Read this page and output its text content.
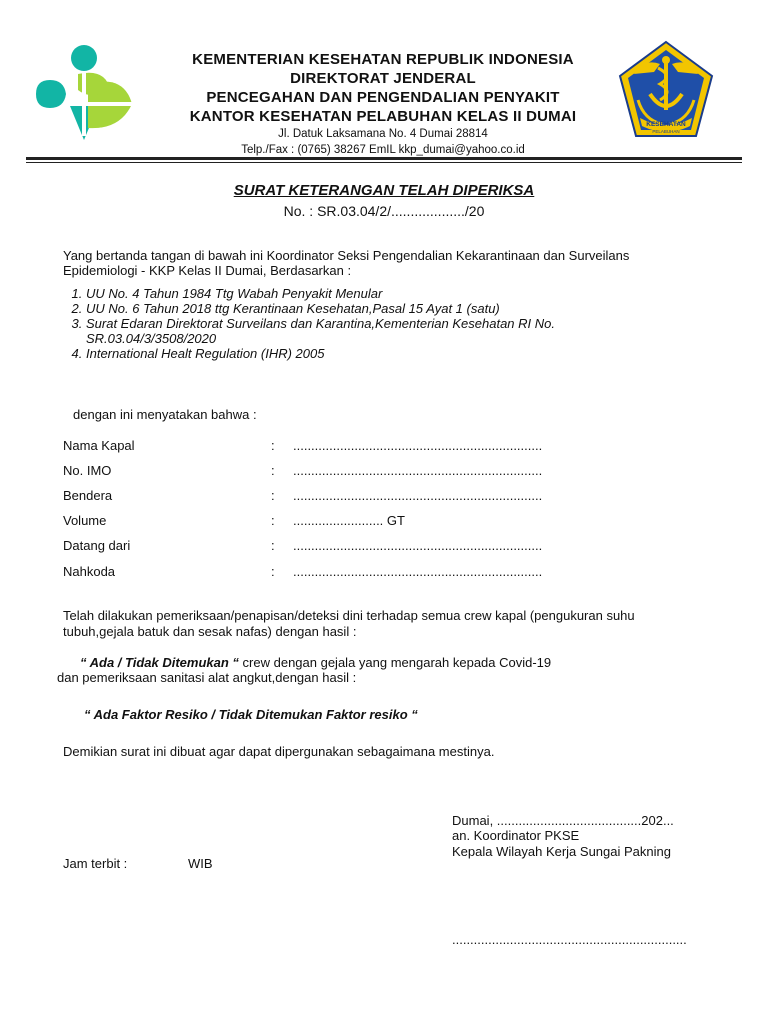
KEMENTERIAN KESEHATAN REPUBLIK INDONESIA
DIREKTORAT JENDERAL
PENCEGAHAN DAN PENGENDALIAN PENYAKIT
KANTOR KESEHATAN PELABUHAN KELAS II DUMAI
Jl. Datuk Laksamana No. 4 Dumai 28814
Telp./Fax : (0765) 38267 EmIL kkp_dumai@yahoo.co.id
KESEHATAN
PELABUHAN
SURAT KETERANGAN TELAH DIPERIKSA
No. : SR.03.04/2/.................../20
Yang bertanda tangan di bawah ini Koordinator Seksi Pengendalian Kekarantinaan dan Surveilans Epidemiologi - KKP Kelas II Dumai, Berdasarkan :
1. UU No. 4 Tahun 1984 Ttg Wabah Penyakit Menular
2. UU No. 6 Tahun 2018 ttg Kerantinaan Kesehatan,Pasal 15 Ayat 1 (satu)
3. Surat Edaran Direktorat Surveilans dan Karantina,Kementerian Kesehatan RI No. SR.03.04/3/3508/2020
4. International Healt Regulation (IHR) 2005
dengan ini menyatakan bahwa :
Nama Kapal	: .....................................................................
No. IMO	: .....................................................................
Bendera	: .....................................................................
Volume	: ......................... GT
Datang dari	: .....................................................................
Nahkoda	: .....................................................................
Telah dilakukan pemeriksaan/penapisan/deteksi dini terhadap semua crew kapal (pengukuran suhu
tubuh,gejala batuk dan sesak nafas) dengan hasil :
“ Ada / Tidak Ditemukan “ crew dengan gejala yang mengarah kepada Covid-19
dan pemeriksaan sanitasi alat angkut,dengan hasil :
“ Ada Faktor Resiko / Tidak Ditemukan Faktor resiko “
Demikian surat ini dibuat agar dapat dipergunakan sebagaimana mestinya.
Dumai, ........................................202...
an. Koordinator PKSE
Kepala Wilayah Kerja Sungai Pakning
Jam terbit :	WIB
.................................................................
